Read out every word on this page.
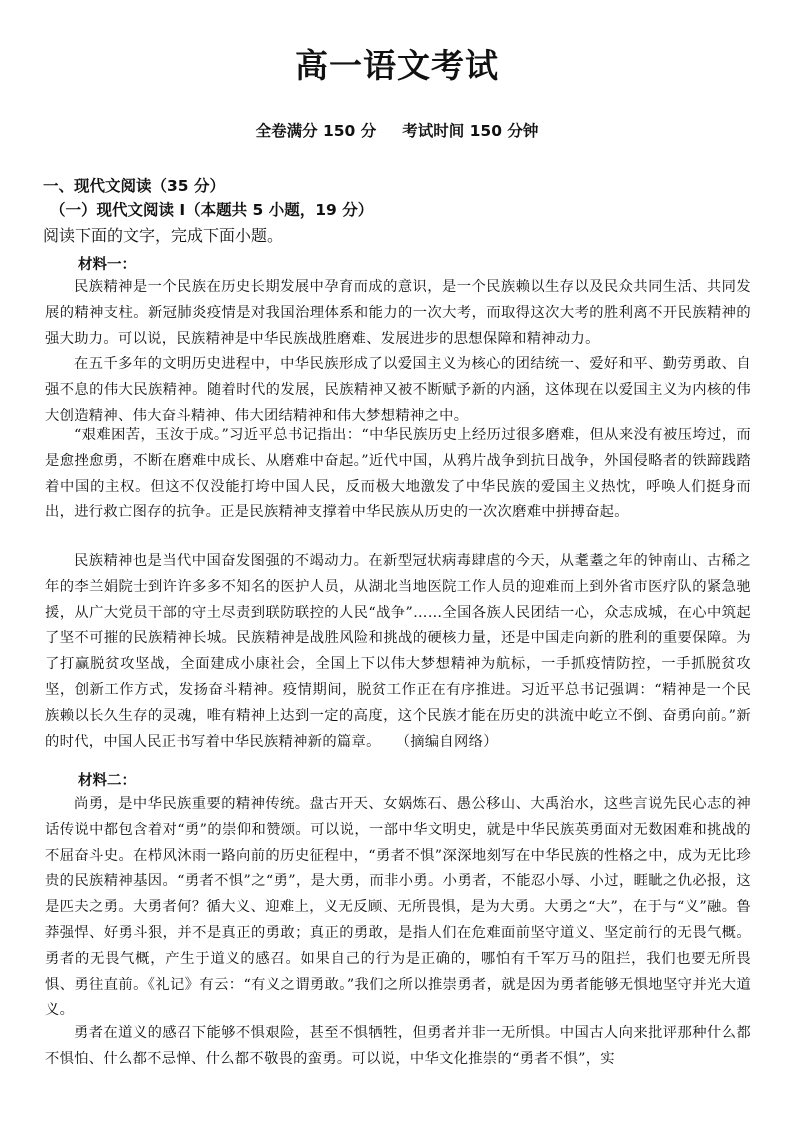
高一语文考试
全卷满分 150 分 考试时间 150 分钟
一、现代文阅读（35 分）
（一）现代文阅读 I（本题共 5 小题，19 分）
阅读下面的文字，完成下面小题。
材料一：

民族精神是一个民族在历史长期发展中孕育而成的意识，是一个民族赖以生存以及民众共同生活、共同发展的精神支柱。新冠肺炎疫情是对我国治理体系和能力的一次大考，而取得这次大考的胜利离不开民族精神的强大助力。可以说，民族精神是中华民族战胜磨难、发展进步的思想保障和精神动力。

在五千多年的文明历史进程中，中华民族形成了以爱国主义为核心的团结统一、爱好和平、勤劳勇敢、自强不息的伟大民族精神。随着时代的发展，民族精神又被不断赋予新的内涵，这体现在以爱国主义为内核的伟大创造精神、伟大奋斗精神、伟大团结精神和伟大梦想精神之中。

“艰难困苦，玉汝于成。”习近平总书记指出：“中华民族历史上经历过很多磨难，但从来没有被压垮过，而是愈挫愈勇，不断在磨难中成长、从磨难中奋起。”近代中国，从鸦片战争到抗日战争，外国侵略者的铁蹄践踏着中国的主权。但这不仅没能打垮中国人民，反而极大地激发了中华民族的爱国主义热忱，呼唤人们挺身而出，进行救亡图存的抗争。正是民族精神支撑着中华民族从历史的一次次磨难中拼搏奋起。

民族精神也是当代中国奋发图强的不竭动力。在新型冠状病毒肆虐的今天，从耄耋之年的钟南山、古稀之年的李兰娟院士到许许多多不知名的医护人员，从湖北当地医院工作人员的迎难而上到外省市医疗队的紧急驰援，从广大党员干部的守土尽责到联防联控的人民“战争”……全国各族人民团结一心，众志成城，在心中筑起了坚不可摧的民族精神长城。民族精神是战胜风险和挑战的硬核力量，还是中国走向新的胜利的重要保障。为了打赢脱贫攻坚战，全面建成小康社会，全国上下以伟大梦想精神为航标，一手抓疫情防控，一手抓脱贫攻坚，创新工作方式，发扬奋斗精神。疫情期间，脱贫工作正在有序推进。习近平总书记强调：“精神是一个民族赖以长久生存的灵魂，唯有精神上达到一定的高度，这个民族才能在历史的洪流中屹立不倒、奋勇向前。”新的时代，中国人民正书写着中华民族精神新的篇章。　　（摘编自网络）

材料二：

尚勇，是中华民族重要的精神传统。盘古开天、女娲炼石、愚公移山、大禹治水，这些言说先民心志的神话传说中都包含着对“勇”的崇仰和赞颂。可以说，一部中华文明史，就是中华民族英勇面对无数困难和挑战的不屈奋斗史。在栉风沐雨一路向前的历史征程中，“勇者不惧”深深地刻写在中华民族的性格之中，成为无比珍贵的民族精神基因。“勇者不惧”之“勇”，是大勇，而非小勇。小勇者，不能忍小辱、小过，睚眦之仇必报，这是匹夫之勇。大勇者何？循大义、迎难上，义无反顾、无所畏惧，是为大勇。大勇之“大”，在于与“义”融。鲁莽强悍、好勇斗狠，并不是真正的勇敢；真正的勇敢，是指人们在危难面前坚守道义、坚定前行的无畏气概。勇者的无畏气概，产生于道义的感召。如果自己的行为是正确的，哪怕有千军万马的阻拦，我们也要无所畏惧、勇往直前。《礼记》有云：“有义之谓勇敢。”我们之所以推崇勇者，就是因为勇者能够无惧地坚守并光大道义。

勇者在道义的感召下能够不惧艰险，甚至不惧牺牲，但勇者并非一无所惧。中国古人向来批评那种什么都不惧怕、什么都不忌惮、什么都不敬畏的蛮勇。可以说，中华文化推崇的“勇者不惧”，实
